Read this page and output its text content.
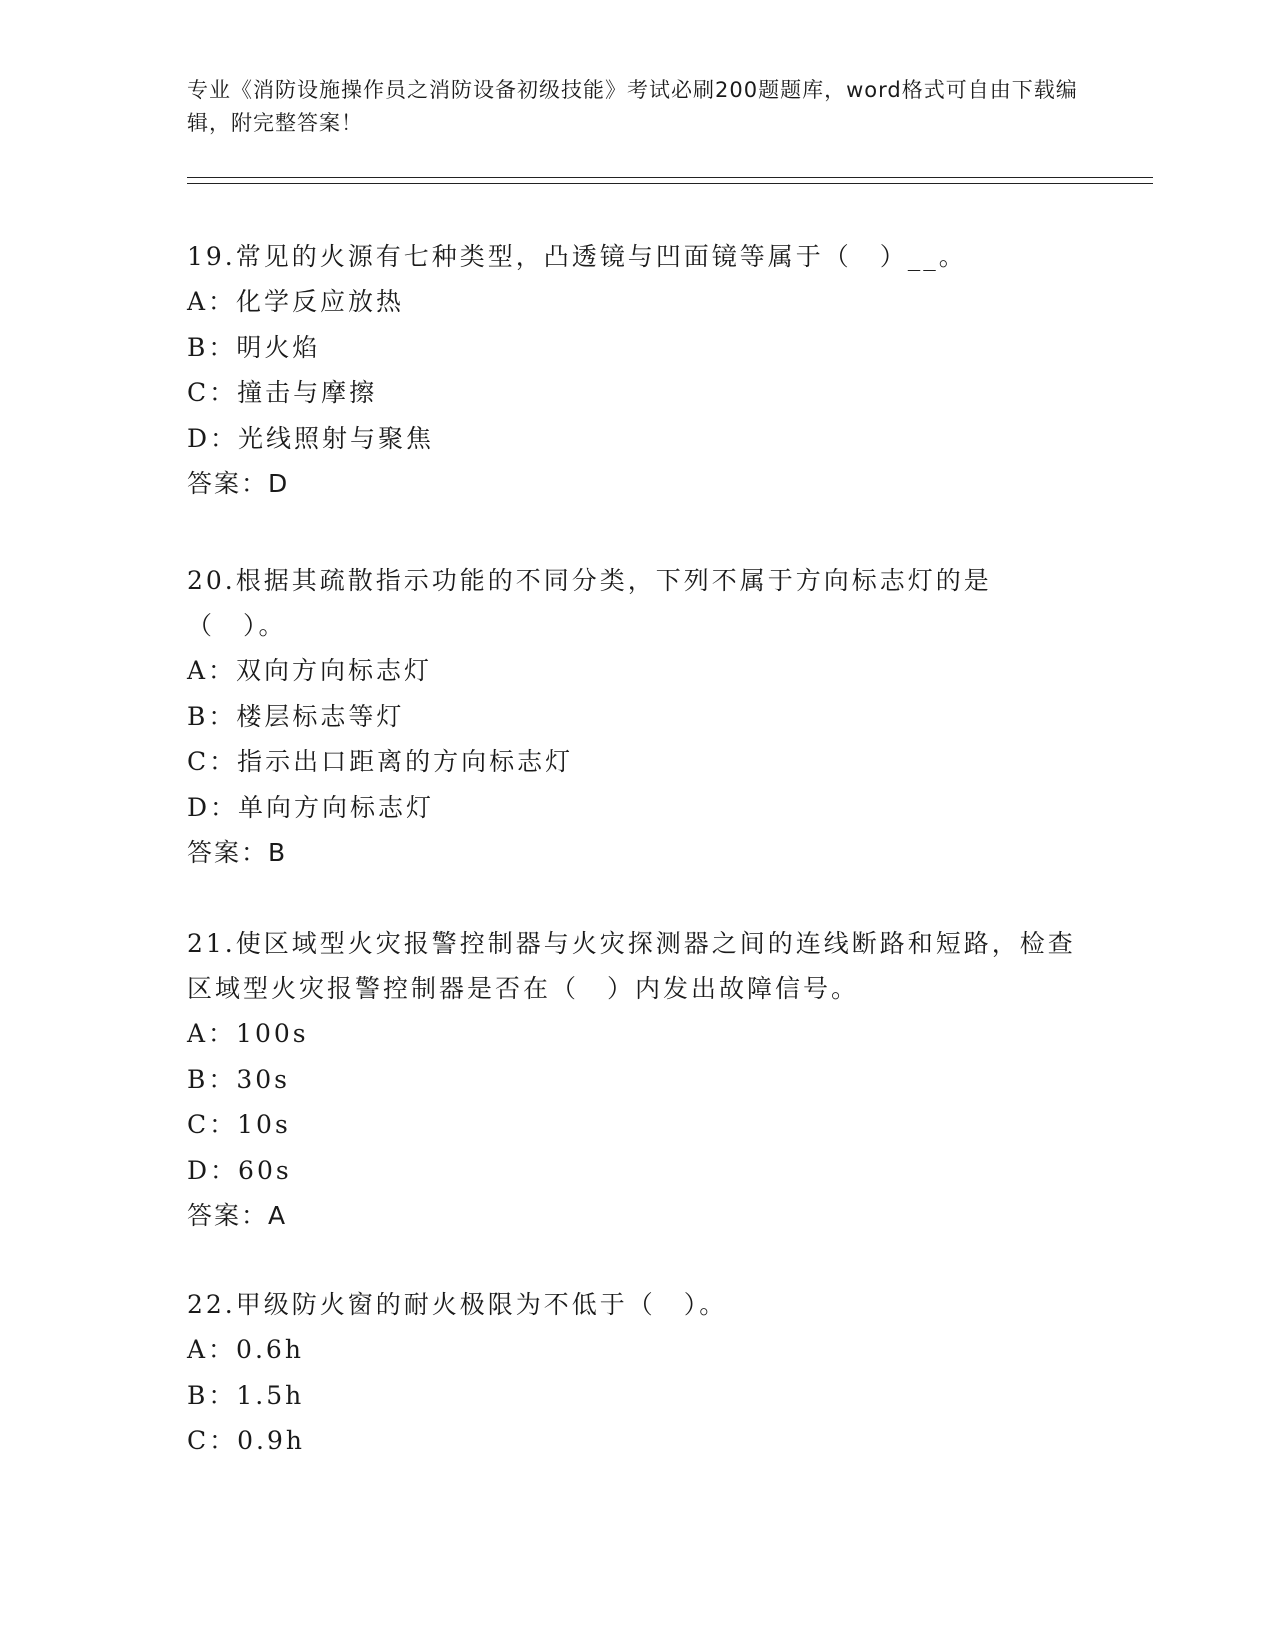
专业《消防设施操作员之消防设备初级技能》考试必刷200题题库，word格式可自由下载编辑，附完整答案！
19.常见的火源有七种类型，凸透镜与凹面镜等属于（　）__。
A：化学反应放热
B：明火焰
C：撞击与摩擦
D：光线照射与聚焦
答案：D
20.根据其疏散指示功能的不同分类，下列不属于方向标志灯的是（　）。
A：双向方向标志灯
B：楼层标志等灯
C：指示出口距离的方向标志灯
D：单向方向标志灯
答案：B
21.使区域型火灾报警控制器与火灾探测器之间的连线断路和短路，检查区域型火灾报警控制器是否在（　）内发出故障信号。
A：100s
B：30s
C：10s
D：60s
答案：A
22.甲级防火窗的耐火极限为不低于（　）。
A：0.6h
B：1.5h
C：0.9h
